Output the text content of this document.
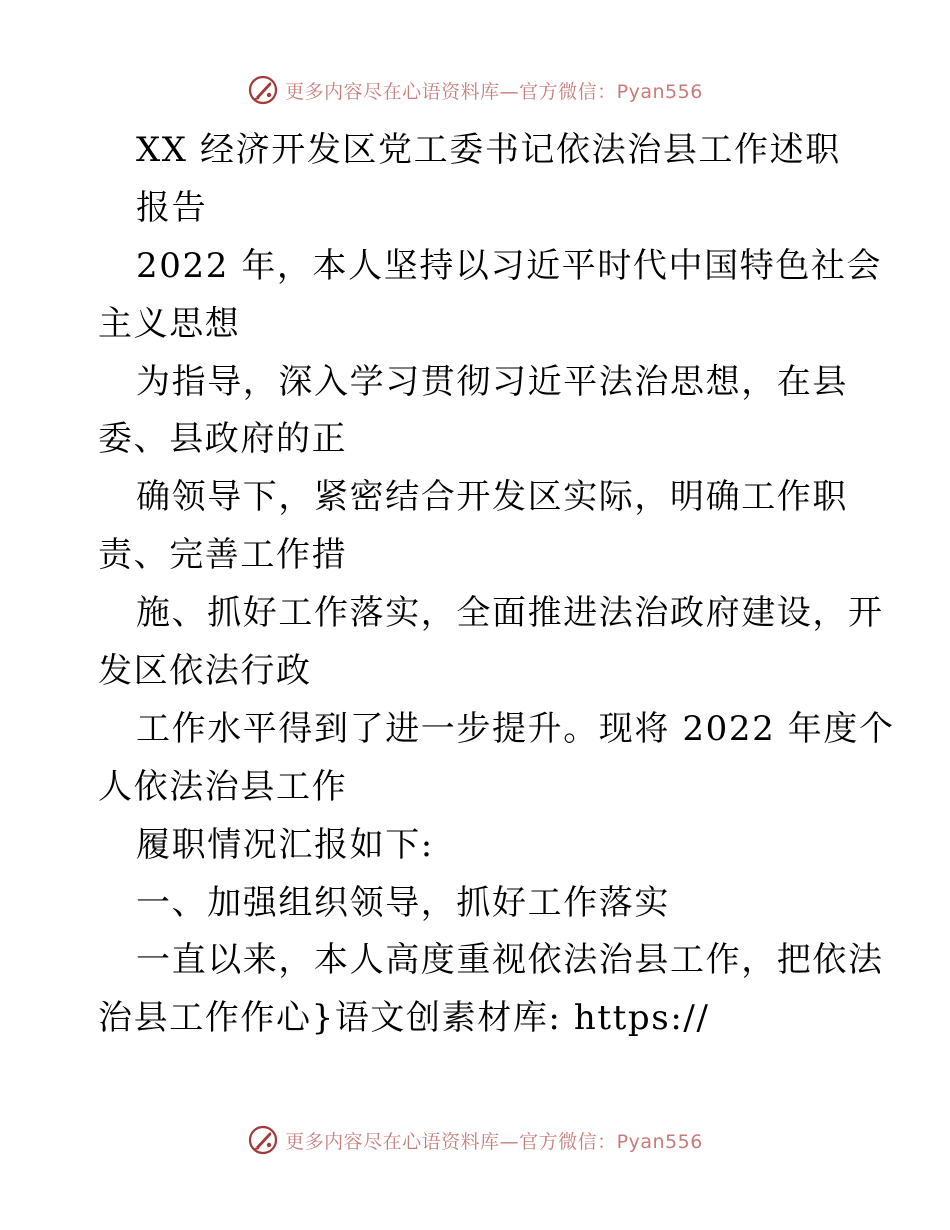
更多内容尽在心语资料库—官方微信：Pyan556
XX 经济开发区党工委书记依法治县工作述职
报告
2022 年，本人坚持以习近平时代中国特色社会
主义思想
为指导，深入学习贯彻习近平法治思想，在县
委、县政府的正
确领导下，紧密结合开发区实际，明确工作职
责、完善工作措
施、抓好工作落实，全面推进法治政府建设，开
发区依法行政
工作水平得到了进一步提升。现将 2022 年度个
人依法治县工作
履职情况汇报如下:
一、加强组织领导，抓好工作落实
一直以来，本人高度重视依法治县工作，把依法
治县工作作心}语文创素材库: https://
更多内容尽在心语资料库—官方微信：Pyan556
